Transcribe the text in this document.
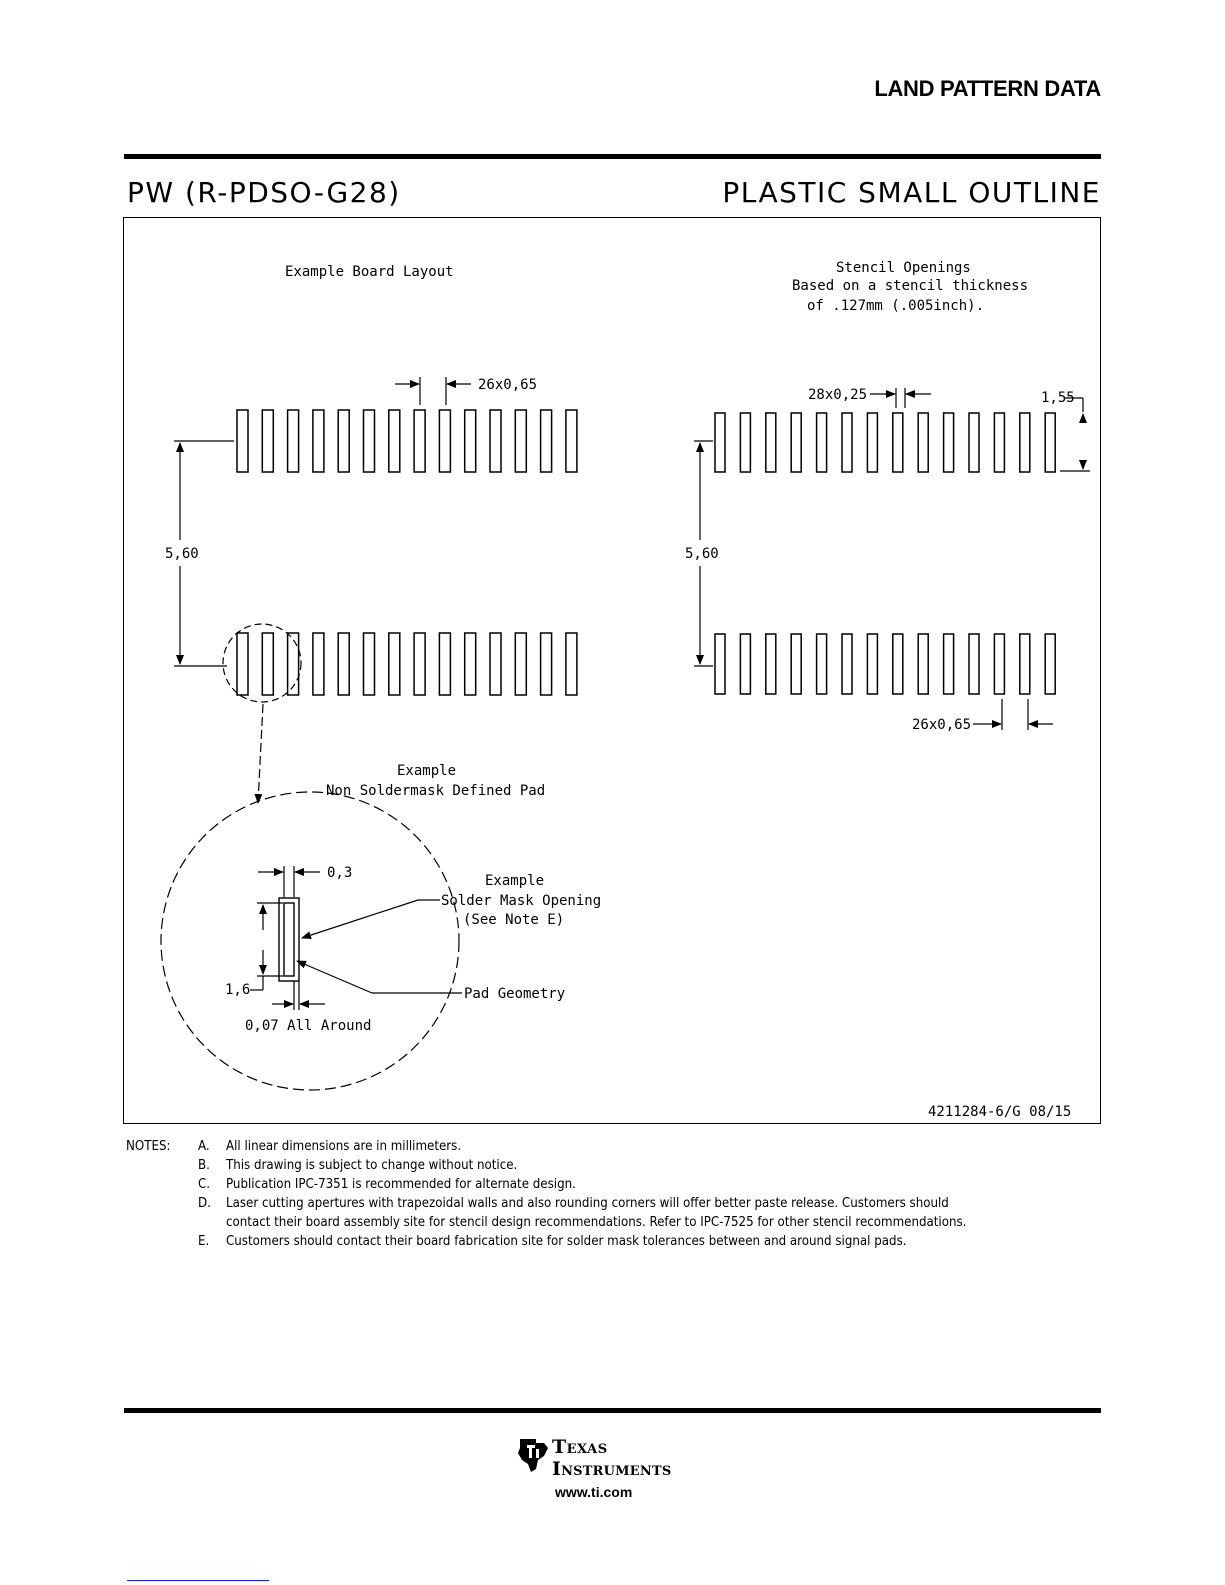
LAND PATTERN DATA
PW (R-PDSO-G28)	PLASTIC SMALL OUTLINE
Example Board Layout
26x0,65
5,60
Example
Non Soldermask Defined Pad
0,3
1,6
0,07 All Around
Example
Solder Mask Opening
(See Note E)
Pad Geometry
Stencil Openings
Based on a stencil thickness
of .127mm (.005inch).
28x0,25	1,55
5,60
26x0,65
4211284-6/G 08/15
NOTES: A. All linear dimensions are in millimeters.
B. This drawing is subject to change without notice.
C. Publication IPC-7351 is recommended for alternate design.
D. Laser cutting apertures with trapezoidal walls and also rounding corners will offer better paste release. Customers should
contact their board assembly site for stencil design recommendations. Refer to IPC-7525 for other stencil recommendations.
E. Customers should contact their board fabrication site for solder mask tolerances between and around signal pads.
Texas
Instruments
www.ti.com
